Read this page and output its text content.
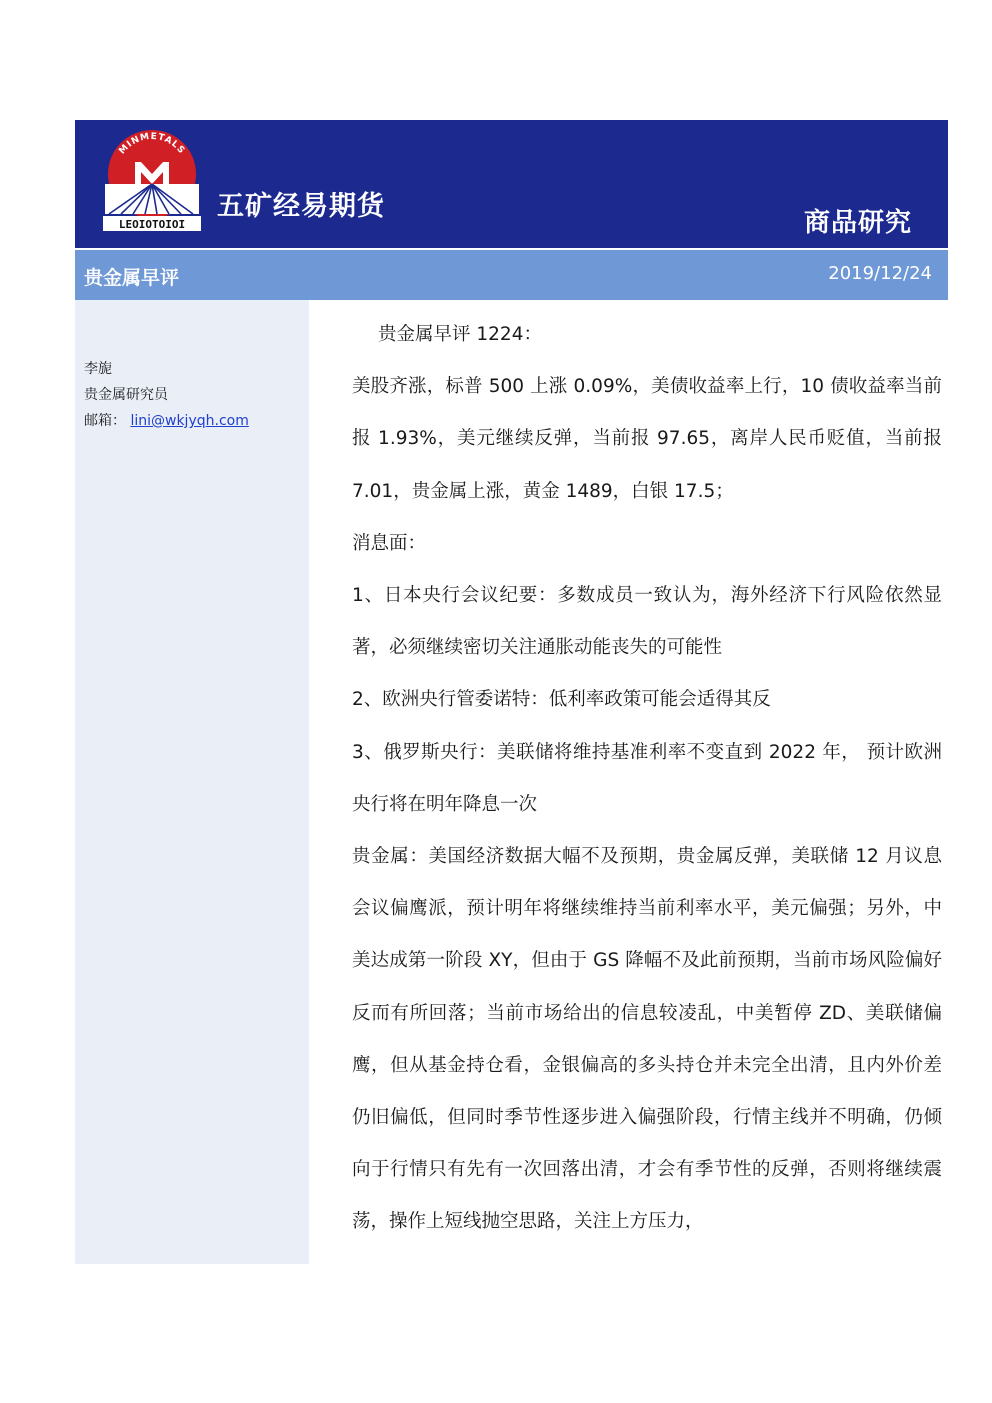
MINMETALS
LEOIOTOIOI
五矿经易期货
商品研究
贵金属早评	2019/12/24
李旎
贵金属研究员
邮箱： lini@wkjyqh.com

贵金属早评 1224：

美股齐涨，标普 500 上涨 0.09%，美债收益率上行，10 债收益率当前报 1.93%，美元继续反弹，当前报 97.65，离岸人民币贬值，当前报 7.01，贵金属上涨，黄金 1489，白银 17.5；

消息面：

1、日本央行会议纪要：多数成员一致认为，海外经济下行风险依然显著，必须继续密切关注通胀动能丧失的可能性

2、欧洲央行管委诺特：低利率政策可能会适得其反

3、俄罗斯央行：美联储将维持基准利率不变直到 2022 年， 预计欧洲央行将在明年降息一次

贵金属：美国经济数据大幅不及预期，贵金属反弹，美联储 12 月议息会议偏鹰派，预计明年将继续维持当前利率水平，美元偏强；另外，中美达成第一阶段 XY，但由于 GS 降幅不及此前预期，当前市场风险偏好反而有所回落；当前市场给出的信息较凌乱，中美暂停 ZD、美联储偏鹰，但从基金持仓看，金银偏高的多头持仓并未完全出清，且内外价差仍旧偏低，但同时季节性逐步进入偏强阶段，行情主线并不明确，仍倾向于行情只有先有一次回落出清，才会有季节性的反弹，否则将继续震荡，操作上短线抛空思路，关注上方压力，
